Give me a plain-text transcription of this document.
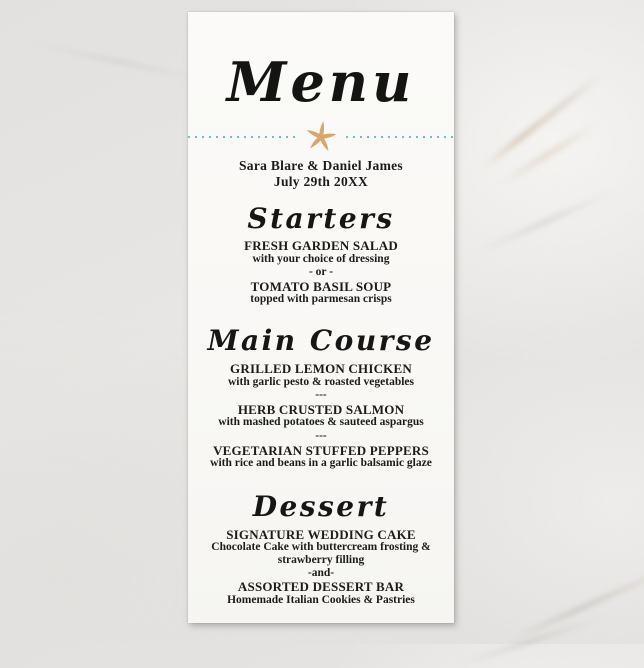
Menu
Sara Blare & Daniel James
July 29th 20XX
Starters
FRESH GARDEN SALAD
with your choice of dressing
- or -
TOMATO BASIL SOUP
topped with parmesan crisps
Main Course
GRILLED LEMON CHICKEN
with garlic pesto & roasted vegetables
---
HERB CRUSTED SALMON
with mashed potatoes & sauteed aspargus
---
VEGETARIAN STUFFED PEPPERS
with rice and beans in a garlic balsamic glaze
Dessert
SIGNATURE WEDDING CAKE
Chocolate Cake with buttercream frosting & strawberry filling
-and-
ASSORTED DESSERT BAR
Homemade Italian Cookies & Pastries
